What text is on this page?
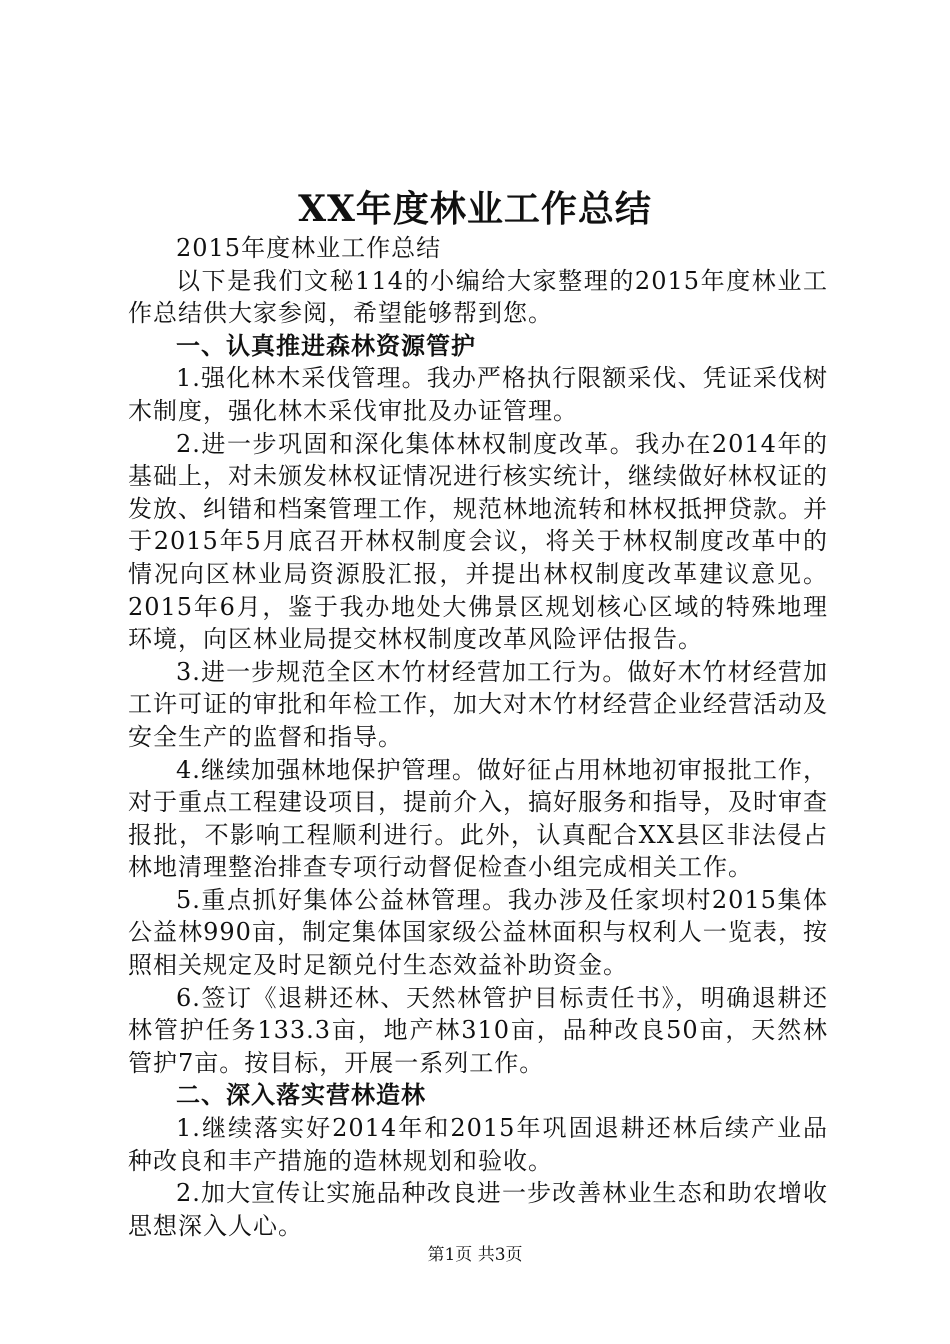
XX年度林业工作总结

2015年度林业工作总结

以下是我们文秘114的小编给大家整理的2015年度林业工作总结供大家参阅，希望能够帮到您。

一、认真推进森林资源管护

1.强化林木采伐管理。我办严格执行限额采伐、凭证采伐树木制度，强化林木采伐审批及办证管理。

2.进一步巩固和深化集体林权制度改革。我办在2014年的基础上，对未颁发林权证情况进行核实统计，继续做好林权证的发放、纠错和档案管理工作，规范林地流转和林权抵押贷款。并于2015年5月底召开林权制度会议，将关于林权制度改革中的情况向区林业局资源股汇报，并提出林权制度改革建议意见。2015年6月，鉴于我办地处大佛景区规划核心区域的特殊地理环境，向区林业局提交林权制度改革风险评估报告。

3.进一步规范全区木竹材经营加工行为。做好木竹材经营加工许可证的审批和年检工作，加大对木竹材经营企业经营活动及安全生产的监督和指导。

4.继续加强林地保护管理。做好征占用林地初审报批工作，对于重点工程建设项目，提前介入，搞好服务和指导，及时审查报批，不影响工程顺利进行。此外，认真配合XX县区非法侵占林地清理整治排查专项行动督促检查小组完成相关工作。

5.重点抓好集体公益林管理。我办涉及任家坝村2015集体公益林990亩，制定集体国家级公益林面积与权利人一览表，按照相关规定及时足额兑付生态效益补助资金。

6.签订《退耕还林、天然林管护目标责任书》，明确退耕还林管护任务133.3亩，地产林310亩，品种改良50亩，天然林管护7亩。按目标，开展一系列工作。

二、深入落实营林造林

1.继续落实好2014年和2015年巩固退耕还林后续产业品种改良和丰产措施的造林规划和验收。

2.加大宣传让实施品种改良进一步改善林业生态和助农增收思想深入人心。

第1页 共3页
